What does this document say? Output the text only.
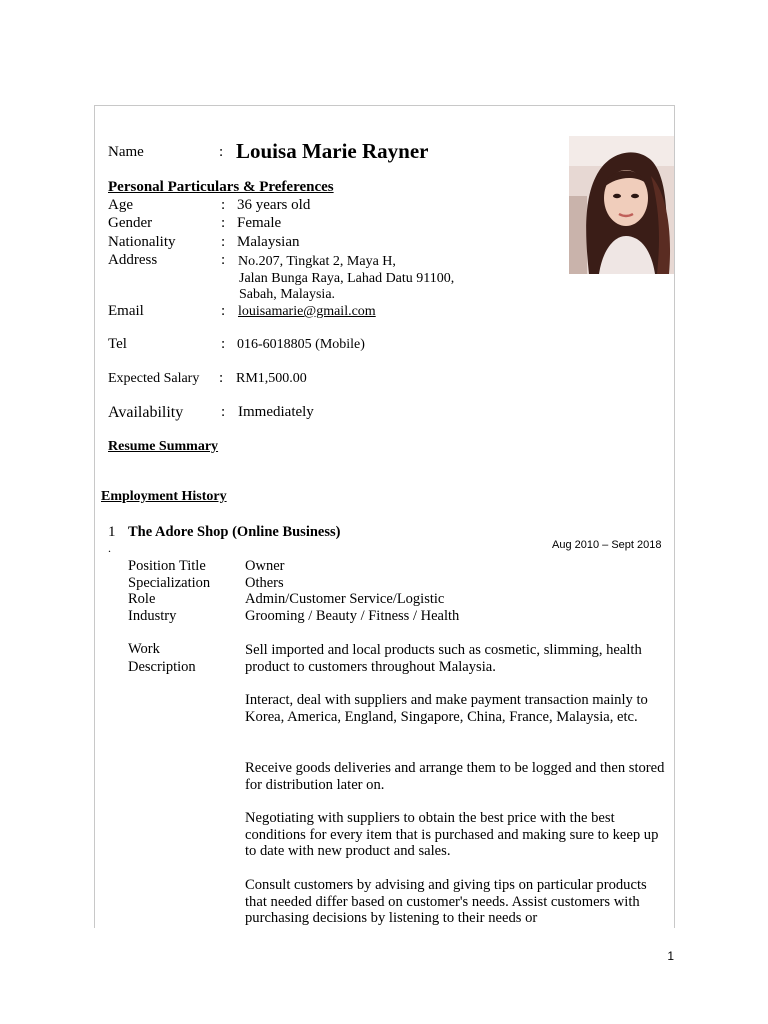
Name	: Louisa Marie Rayner
Personal Particulars & Preferences
Age	: 36 years old
Gender	: Female
Nationality	: Malaysian
Address	: No.207, Tingkat 2, Maya H,
Jalan Bunga Raya, Lahad Datu 91100,
Sabah, Malaysia.
Email	: louisamarie@gmail.com
Tel	: 016-6018805 (Mobile)
Expected Salary : RM1,500.00
Availability	: Immediately
Resume Summary
Employment History
1
.
The Adore Shop (Online Business)
Aug 2010 – Sept 2018
Position Title	Owner
Specialization Others
Role	Admin/Customer Service/Logistic
Industry	Grooming / Beauty / Fitness / Health
Work
Description
Sell imported and local products such as cosmetic, slimming, health product to customers throughout Malaysia.
Interact, deal with suppliers and make payment transaction mainly to Korea, America, England, Singapore, China, France, Malaysia, etc.
Receive goods deliveries and arrange them to be logged and then stored for distribution later on.
Negotiating with suppliers to obtain the best price with the best conditions for every item that is purchased and making sure to keep up to date with new product and sales.
Consult customers by advising and giving tips on particular products that needed differ based on customer's needs. Assist customers with purchasing decisions by listening to their needs or
1
